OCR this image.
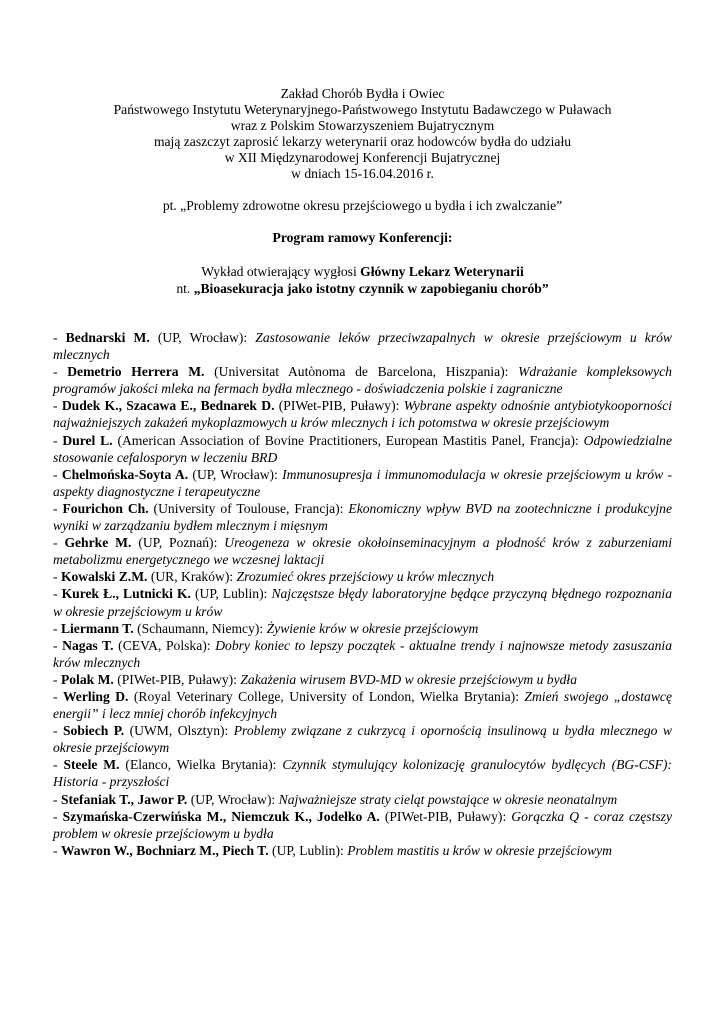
Zakład Chorób Bydła i Owiec

Państwowego Instytutu Weterynaryjnego-Państwowego Instytutu Badawczego w Puławach

wraz z Polskim Stowarzyszeniem Bujatrycznym

mają zaszczyt zaprosić lekarzy weterynarii oraz hodowców bydła do udziału

w XII Międzynarodowej Konferencji Bujatrycznej

w dniach 15-16.04.2016 r.

pt. „Problemy zdrowotne okresu przejściowego u bydła i ich zwalczanie”
Program ramowy Konferencji:

Wykład otwierający wygłosi Główny Lekarz Weterynarii

nt. „Bioasekuracja jako istotny czynnik w zapobieganiu chorób”

- Bednarski M. (UP, Wrocław): Zastosowanie leków przeciwzapalnych w okresie przejściowym u krów mlecznych

- Demetrio Herrera M. (Universitat Autònoma de Barcelona, Hiszpania): Wdrażanie kompleksowych programów jakości mleka na fermach bydła mlecznego - doświadczenia polskie i zagraniczne

- Dudek K., Szacawa E., Bednarek D. (PIWet-PIB, Puławy): Wybrane aspekty odnośnie antybiotykooporności najważniejszych zakażeń mykoplazmowych u krów mlecznych i ich potomstwa w okresie przejściowym

- Durel L. (American Association of Bovine Practitioners, European Mastitis Panel, Francja): Odpowiedzialne stosowanie cefalosporyn w leczeniu BRD

- Chelmońska-Soyta A. (UP, Wrocław): Immunosupresja i immunomodulacja w okresie przejściowym u krów - aspekty diagnostyczne i terapeutyczne

- Fourichon Ch. (University of Toulouse, Francja): Ekonomiczny wpływ BVD na zootechniczne i produkcyjne wyniki w zarządzaniu bydłem mlecznym i mięsnym

- Gehrke M. (UP, Poznań): Ureogeneza w okresie okołoinseminacyjnym a płodność krów z zaburzeniami metabolizmu energetycznego we wczesnej laktacji

- Kowalski Z.M. (UR, Kraków): Zrozumieć okres przejściowy u krów mlecznych

- Kurek Ł., Lutnicki K. (UP, Lublin): Najczęstsze błędy laboratoryjne będące przyczyną błędnego rozpoznania w okresie przejściowym u krów

- Liermann T. (Schaumann, Niemcy): Żywienie krów w okresie przejściowym

- Nagas T. (CEVA, Polska): Dobry koniec to lepszy początek - aktualne trendy i najnowsze metody zasuszania krów mlecznych

- Polak M. (PIWet-PIB, Puławy): Zakażenia wirusem BVD-MD w okresie przejściowym u bydła

- Werling D. (Royal Veterinary College, University of London, Wielka Brytania): Zmień swojego „dostawcę energii” i lecz mniej chorób infekcyjnych

- Sobiech P. (UWM, Olsztyn): Problemy związane z cukrzycą i opornością insulinową u bydła mlecznego w okresie przejściowym

- Steele M. (Elanco, Wielka Brytania): Czynnik stymulujący kolonizację granulocytów bydlęcych (BG-CSF): Historia - przyszłości

- Stefaniak T., Jawor P. (UP, Wrocław): Najważniejsze straty cieląt powstające w okresie neonatalnym

- Szymańska-Czerwińska M., Niemczuk K., Jodełko A. (PIWet-PIB, Puławy): Gorączka Q - coraz częstszy problem w okresie przejściowym u bydła

- Wawron W., Bochniarz M., Piech T. (UP, Lublin): Problem mastitis u krów w okresie przejściowym
